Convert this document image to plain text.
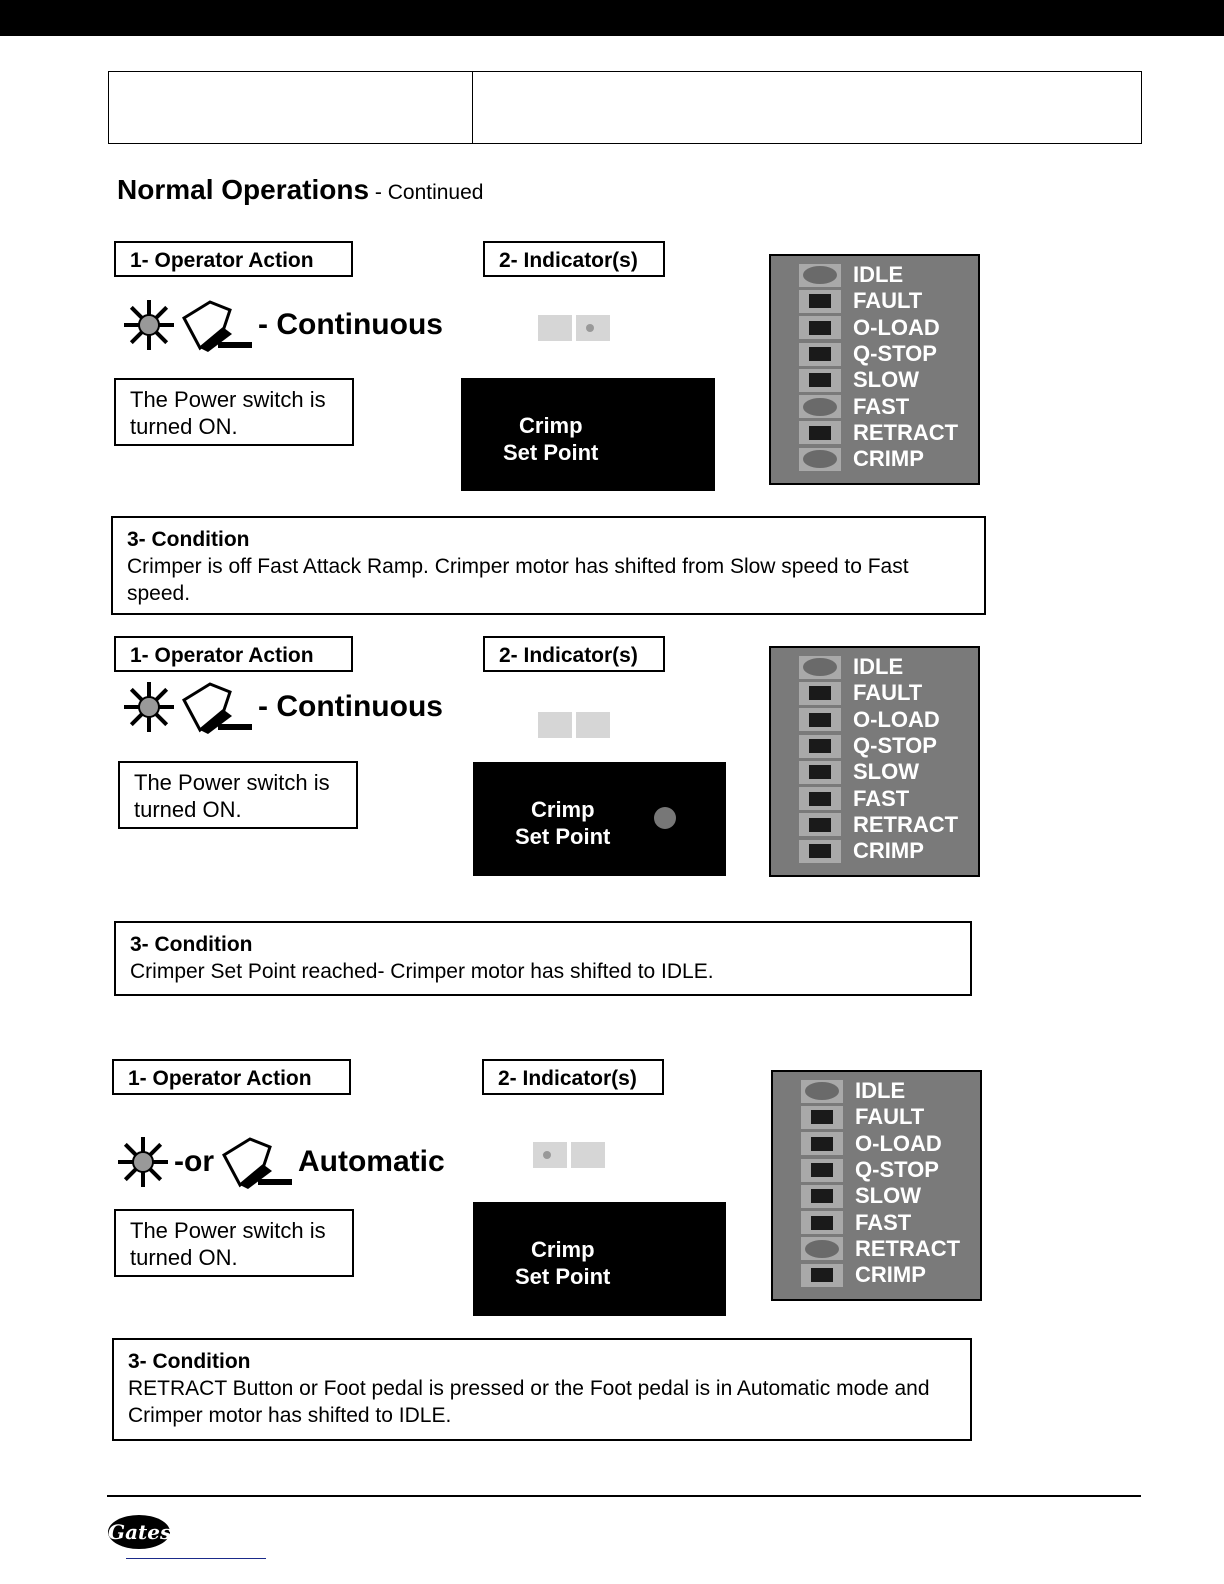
Normal Operations - Continued
1- Operator Action	2- Indicator(s)
- Continuous
The Power switch is turned ON.	Crimp
Set Point
IDLE
FAULT
O-LOAD
Q-STOP
SLOW
FAST
RETRACT
CRIMP
3- Condition
Crimper is off Fast Attack Ramp. Crimper motor has shifted from Slow speed to Fast speed.
1- Operator Action	2- Indicator(s)
- Continuous
The Power switch is turned ON.	Crimp
Set Point
IDLE
FAULT
O-LOAD
Q-STOP
SLOW
FAST
RETRACT
CRIMP
3- Condition
Crimper Set Point reached- Crimper motor has shifted to IDLE.
1- Operator Action	2- Indicator(s)
-or	Automatic
The Power switch is turned ON.	Crimp
Set Point
IDLE
FAULT
O-LOAD
Q-STOP
SLOW
FAST
RETRACT
CRIMP
3- Condition
RETRACT Button or Foot pedal is pressed or the Foot pedal is in Automatic mode and Crimper motor has shifted to IDLE.
Gates
